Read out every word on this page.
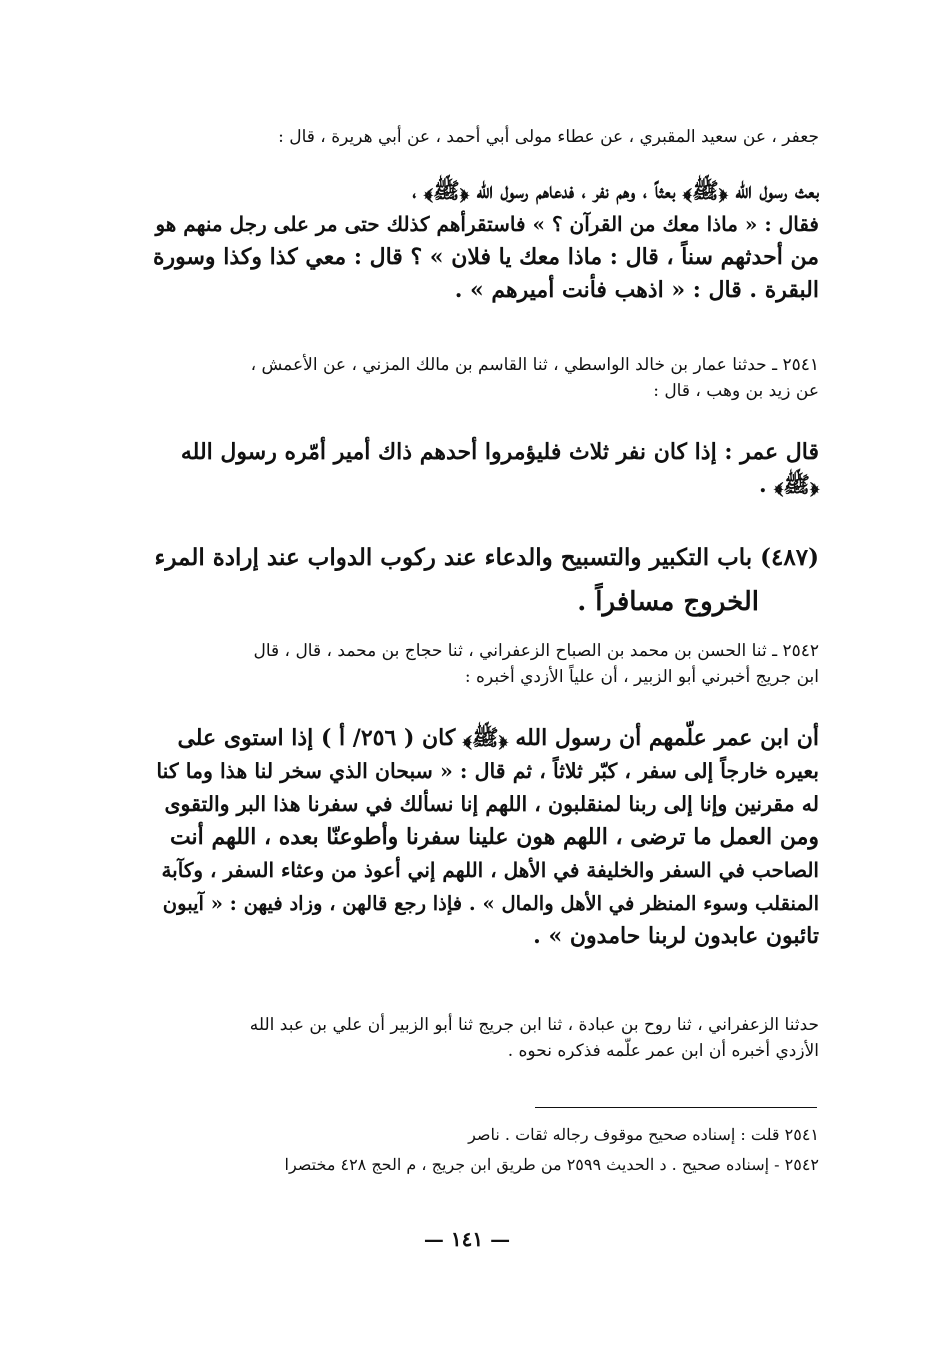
جعفر ، عن سعيد المقبري ، عن عطاء مولى أبي أحمد ، عن أبي هريرة ، قال :
بعث رسول الله ﴿ﷺ﴾ بعثاً ، وهم نفر ، فدعاهم رسول الله ﴿ﷺ﴾ ،
فقال : « ماذا معك من القرآن ؟ » فاستقرأهم كذلك حتى مر على رجل منهم هو
من أحدثهم سناً ، قال : ماذا معك يا فلان » ؟ قال : معي كذا وكذا وسورة
البقرة . قال : « اذهب فأنت أميرهم » .
٢٥٤١ ـ حدثنا عمار بن خالد الواسطي ، ثنا القاسم بن مالك المزني ، عن الأعمش ،
عن زيد بن وهب ، قال :
قال عمر : إذا كان نفر ثلاث فليؤمروا أحدهم ذاك أمير أمّره رسول الله
﴿ﷺ﴾ .
(٤٨٧) باب التكبير والتسبيح والدعاء عند ركوب الدواب عند إرادة المرء
الخروج مسافراً .
٢٥٤٢ ـ ثنا الحسن بن محمد بن الصباح الزعفراني ، ثنا حجاج بن محمد ، قال ، قال
ابن جريج أخبرني أبو الزبير ، أن علياً الأزدي أخبره :
أن ابن عمر علّمهم أن رسول الله ﴿ﷺ﴾ كان ( ٢٥٦/ أ ) إذا استوى على
بعيره خارجاً إلى سفر ، كبّر ثلاثاً ، ثم قال : « سبحان الذي سخر لنا هذا وما كنا
له مقرنين وإنا إلى ربنا لمنقلبون ، اللهم إنا نسألك في سفرنا هذا البر والتقوى
ومن العمل ما ترضى ، اللهم هون علينا سفرنا وأطوعنّا بعده ، اللهم أنت
الصاحب في السفر والخليفة في الأهل ، اللهم إني أعوذ من وعثاء السفر ، وكآبة
المنقلب وسوء المنظر في الأهل والمال » . فإذا رجع قالهن ، وزاد فيهن : « آيبون
تائبون عابدون لربنا حامدون » .
حدثنا الزعفراني ، ثنا روح بن عبادة ، ثنا ابن جريج ثنا أبو الزبير أن علي بن عبد الله
الأزدي أخبره أن ابن عمر علّمه فذكره نحوه .
٢٥٤١ قلت : إسناده صحيح موقوف رجاله ثقات . ناصر
٢٥٤٢ - إسناده صحيح . د الحديث ٢٥٩٩ من طريق ابن جريج ، م الحج ٤٢٨ مختصرا
— ١٤١ —
